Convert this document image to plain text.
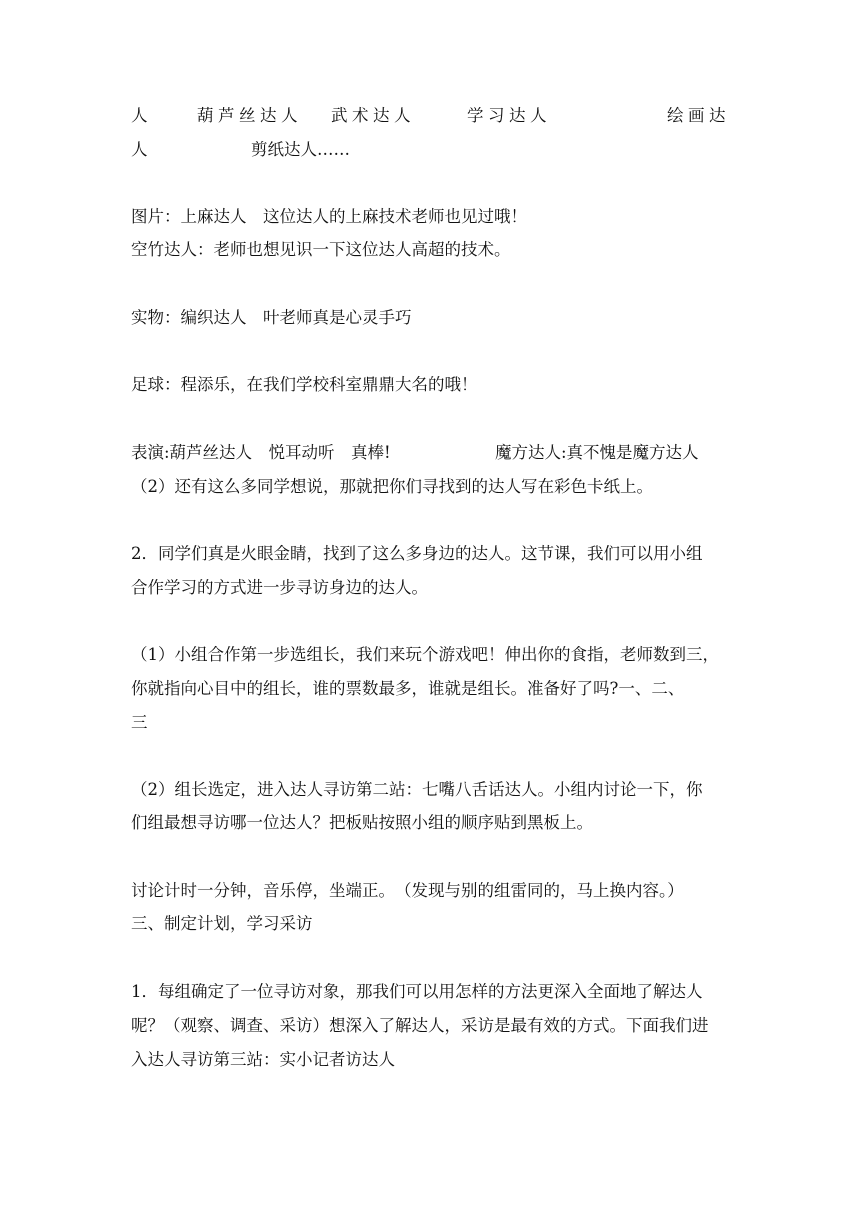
人	葫芦丝达人 武术达人	学习达人	绘画达
人	剪纸达人……
图片：上麻达人　这位达人的上麻技术老师也见过哦！
空竹达人：老师也想见识一下这位达人高超的技术。
实物：编织达人　叶老师真是心灵手巧
足球：程添乐，在我们学校科室鼎鼎大名的哦！
表演:葫芦丝达人　悦耳动听　真棒!	魔方达人:真不愧是魔方达人
（2）还有这么多同学想说，那就把你们寻找到的达人写在彩色卡纸上。
2．同学们真是火眼金睛，找到了这么多身边的达人。这节课，我们可以用小组
合作学习的方式进一步寻访身边的达人。
（1）小组合作第一步选组长，我们来玩个游戏吧！伸出你的食指，老师数到三，
你就指向心目中的组长，谁的票数最多，谁就是组长。准备好了吗?一、二、
三
（2）组长选定，进入达人寻访第二站：七嘴八舌话达人。小组内讨论一下，你
们组最想寻访哪一位达人？把板贴按照小组的顺序贴到黑板上。
讨论计时一分钟，音乐停，坐端正。　（发现与别的组雷同的，马上换内容。）
三、制定计划，学习采访
1．每组确定了一位寻访对象，那我们可以用怎样的方法更深入全面地了解达人
呢？（观察、调查、采访）想深入了解达人，采访是最有效的方式。下面我们进
入达人寻访第三站：实小记者访达人
